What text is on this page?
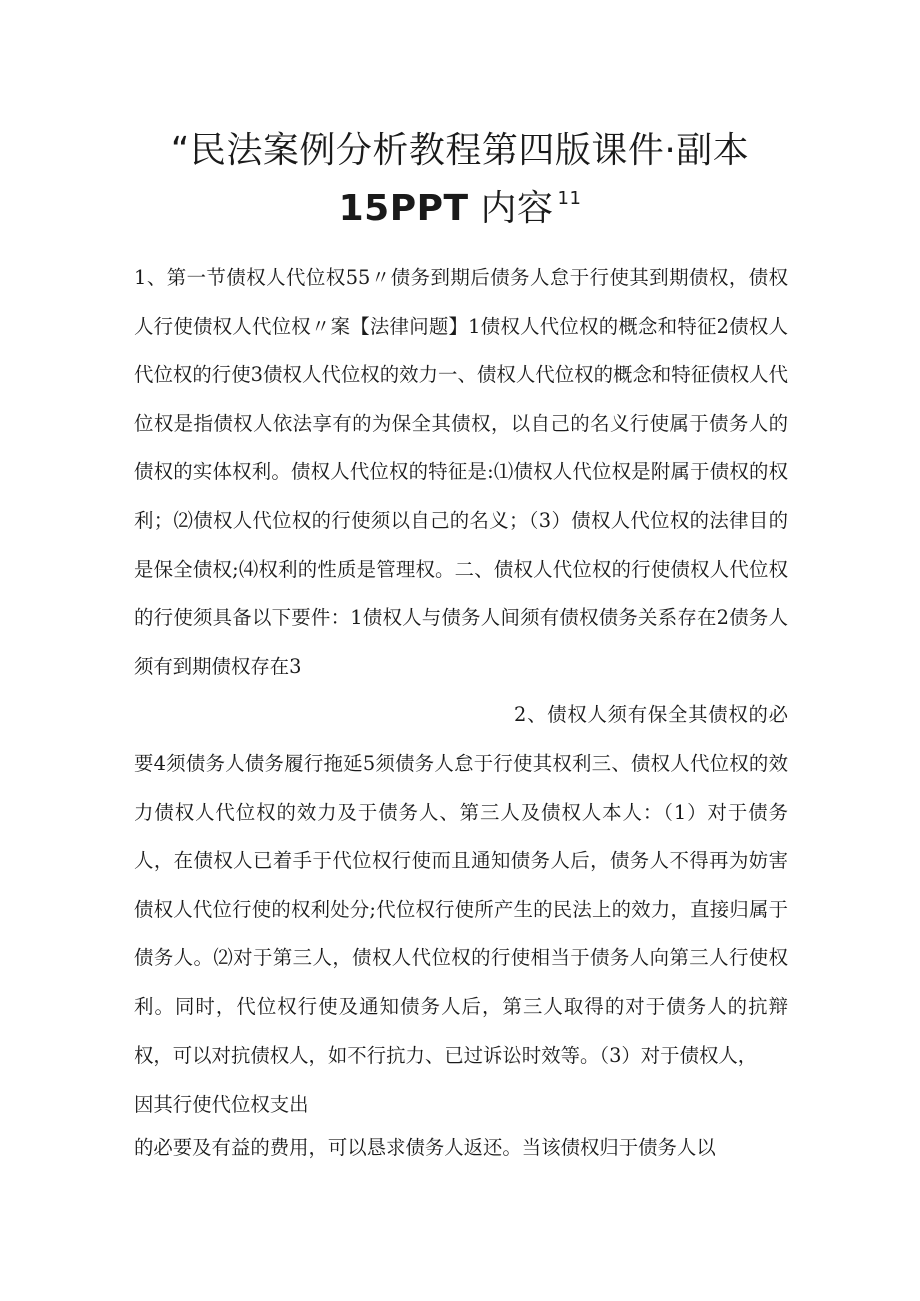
“民法案例分析教程第四版课件·副本
15PPT 内容 $^{11}$

1、第一节债权人代位权55〃债务到期后债务人怠于行使其到期债权，债权人行使债权人代位权〃案【法律问题】1债权人代位权的概念和特征2债权人代位权的行使3债权人代位权的效力一、债权人代位权的概念和特征债权人代位权是指债权人依法享有的为保全其债权，以自己的名义行使属于债务人的债权的实体权利。债权人代位权的特征是:⑴债权人代位权是附属于债权的权利；⑵债权人代位权的行使须以自己的名义；（3）债权人代位权的法律目的是保全债权;⑷权利的性质是管理权。二、债权人代位权的行使债权人代位权的行使须具备以下要件：1债权人与债务人间须有债权债务关系存在2债务人须有到期债权存在3

2、债权人须有保全其债权的必要4须债务人债务履行拖延5须债务人怠于行使其权利三、债权人代位权的效力债权人代位权的效力及于债务人、第三人及债权人本人：（1）对于债务人，在债权人已着手于代位权行使而且通知债务人后，债务人不得再为妨害债权人代位行使的权利处分;代位权行使所产生的民法上的效力，直接归属于债务人。⑵对于第三人，债权人代位权的行使相当于债务人向第三人行使权利。同时，代位权行使及通知债务人后，第三人取得的对于债务人的抗辩权，可以对抗债权人，如不行抗力、已过诉讼时效等。（3）对于债权人，

因其行使代位权支出

的必要及有益的费用，可以恳求债务人返还。当该债权归于债务人以
